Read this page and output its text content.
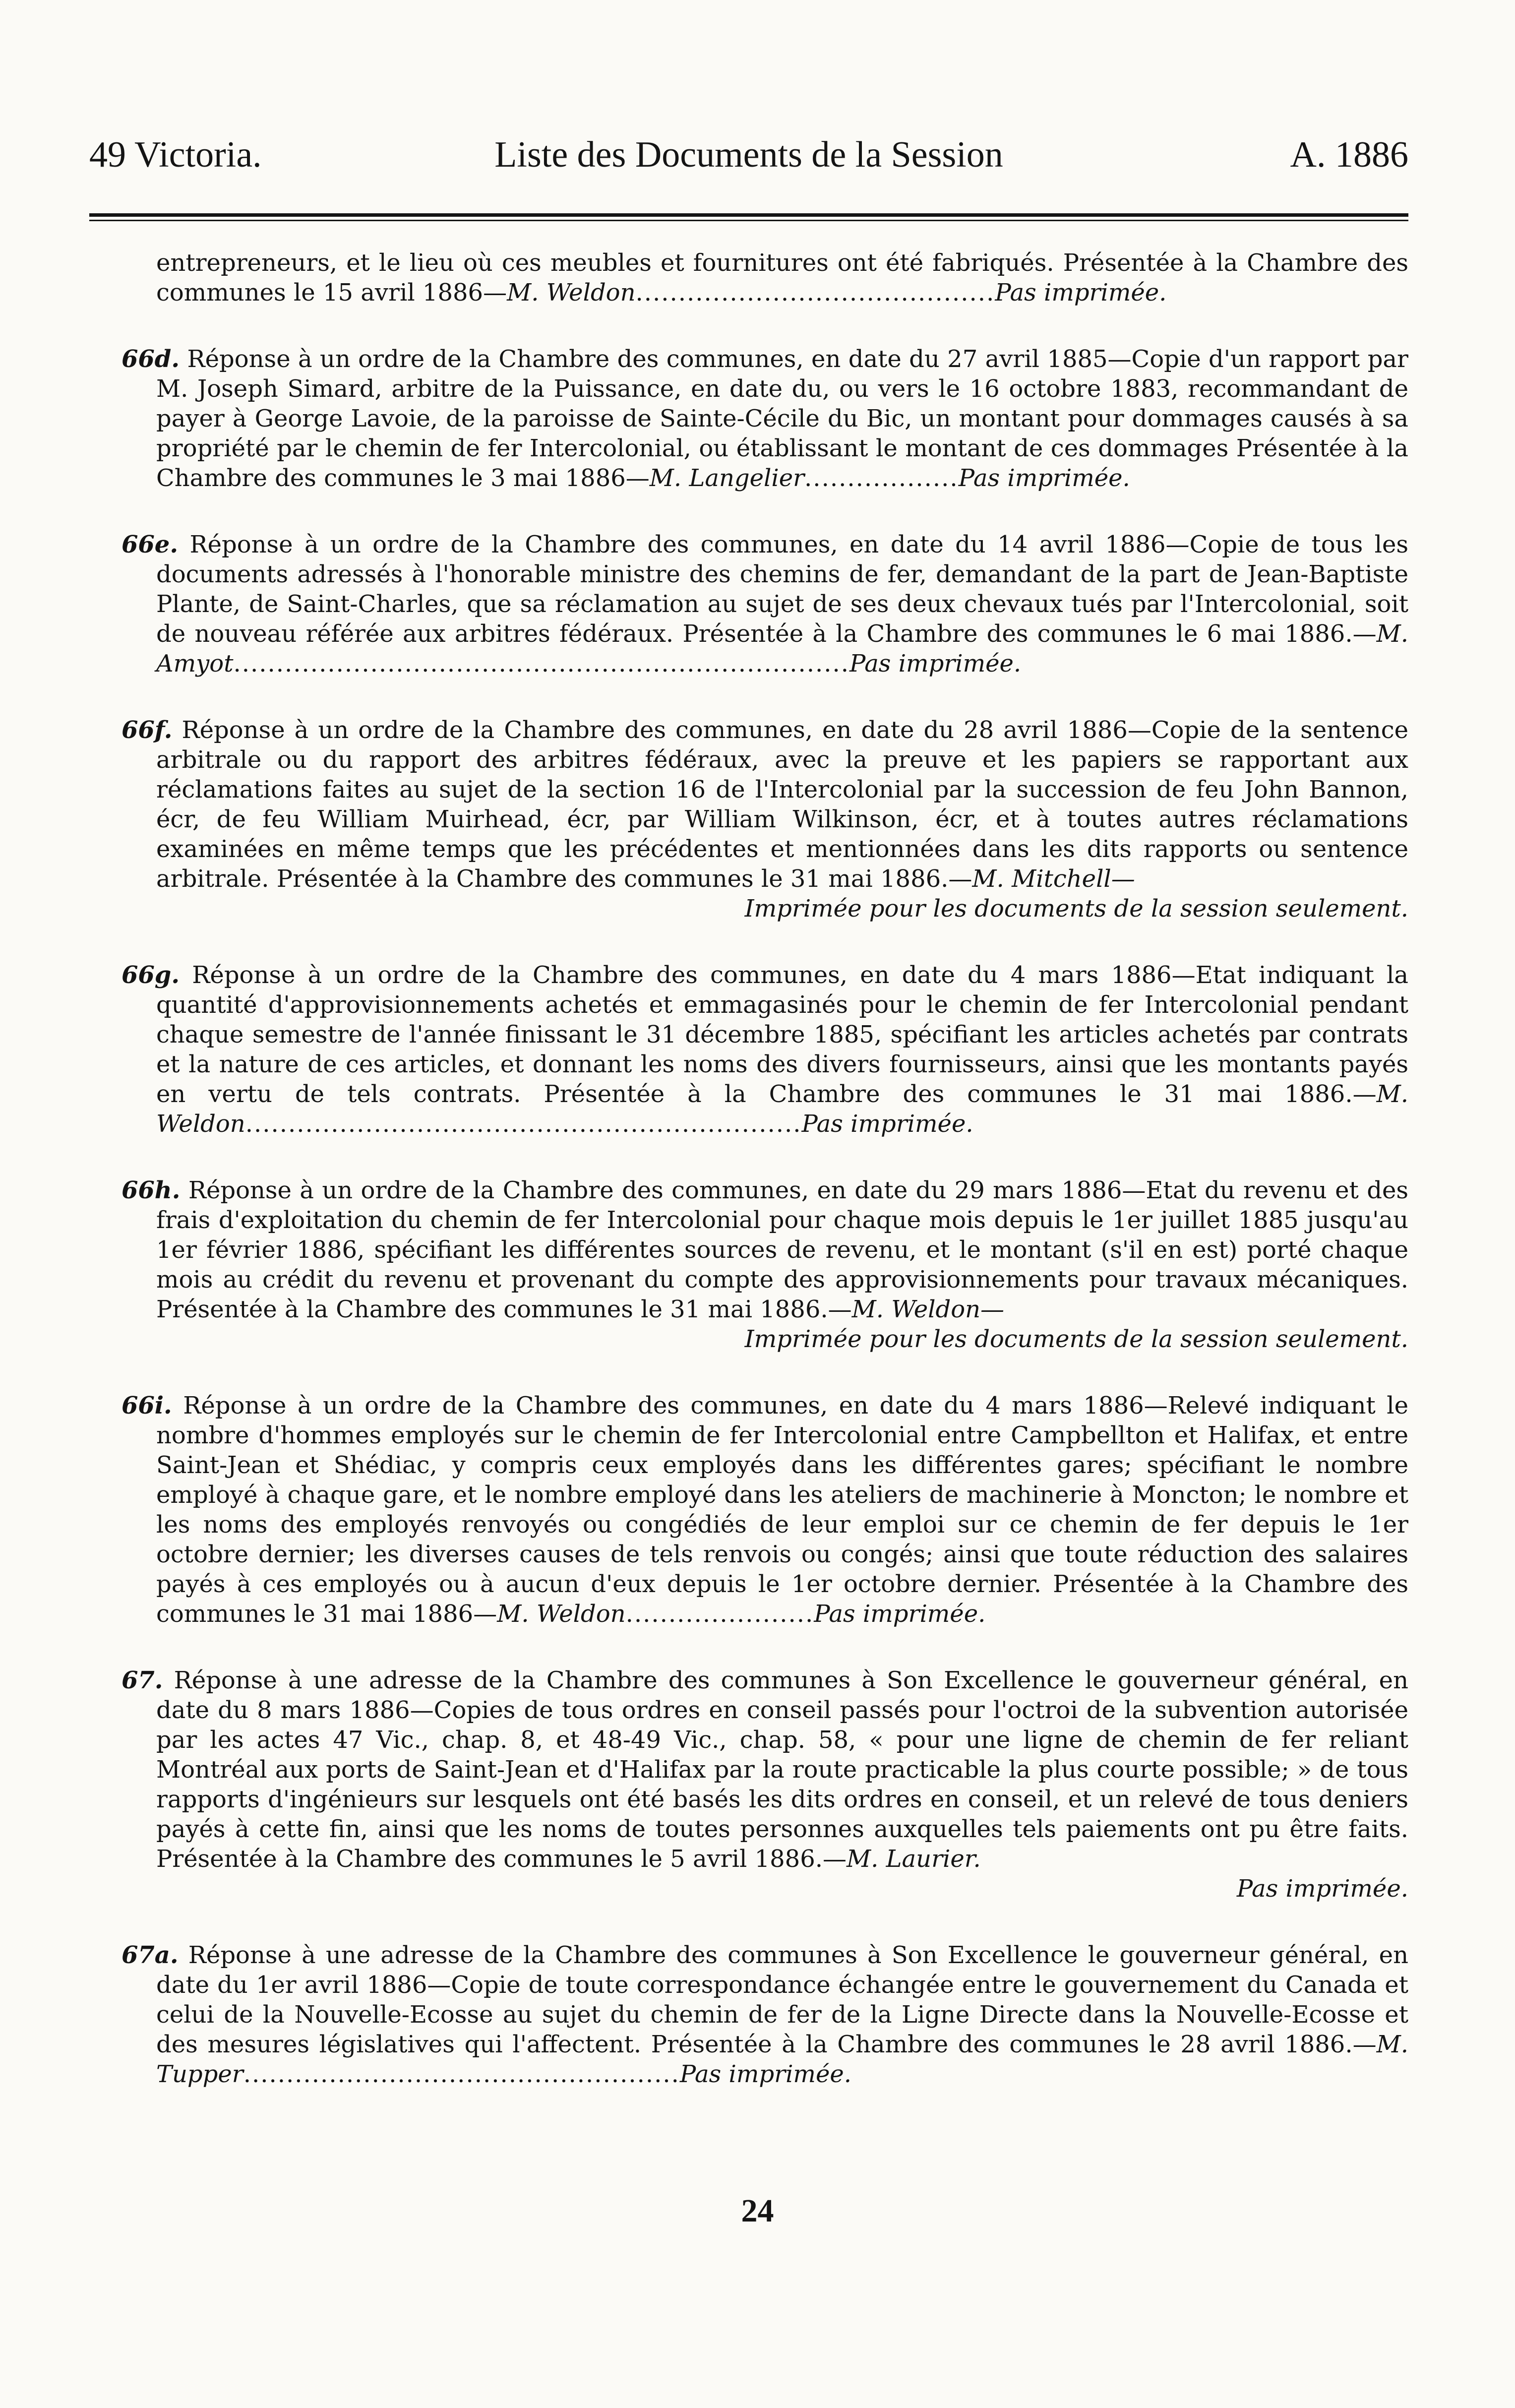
49 Victoria.	Liste des Documents de la Session	A. 1886
entrepreneurs, et le lieu où ces meubles et fournitures ont été fabriqués. Présentée à la Chambre des communes le 15 avril 1886—M. Weldon..........................................Pas imprimée.
66d. Réponse à un ordre de la Chambre des communes, en date du 27 avril 1885—Copie d'un rapport par M. Joseph Simard, arbitre de la Puissance, en date du, ou vers le 16 octobre 1883, recommandant de payer à George Lavoie, de la paroisse de Sainte-Cécile du Bic, un montant pour dommages causés à sa propriété par le chemin de fer Intercolonial, ou établissant le montant de ces dommages Présentée à la Chambre des communes le 3 mai 1886—M. Langelier..................Pas imprimée.
66e. Réponse à un ordre de la Chambre des communes, en date du 14 avril 1886—Copie de tous les documents adressés à l'honorable ministre des chemins de fer, demandant de la part de Jean-Baptiste Plante, de Saint-Charles, que sa réclamation au sujet de ses deux chevaux tués par l'Intercolonial, soit de nouveau référée aux arbitres fédéraux. Présentée à la Chambre des communes le 6 mai 1886.—M. Amyot........................................................................Pas imprimée.
66f. Réponse à un ordre de la Chambre des communes, en date du 28 avril 1886—Copie de la sentence arbitrale ou du rapport des arbitres fédéraux, avec la preuve et les papiers se rapportant aux réclamations faites au sujet de la section 16 de l'Intercolonial par la succession de feu John Bannon, écr, de feu William Muirhead, écr, par William Wilkinson, écr, et à toutes autres réclamations examinées en même temps que les précédentes et mentionnées dans les dits rapports ou sentence arbitrale. Présentée à la Chambre des communes le 31 mai 1886.—M. Mitchell—
Imprimée pour les documents de la session seulement.
66g. Réponse à un ordre de la Chambre des communes, en date du 4 mars 1886—Etat indiquant la quantité d'approvisionnements achetés et emmagasinés pour le chemin de fer Intercolonial pendant chaque semestre de l'année finissant le 31 décembre 1885, spécifiant les articles achetés par contrats et la nature de ces articles, et donnant les noms des divers fournisseurs, ainsi que les montants payés en vertu de tels contrats. Présentée à la Chambre des communes le 31 mai 1886.—M. Weldon.................................................................Pas imprimée.
66h. Réponse à un ordre de la Chambre des communes, en date du 29 mars 1886—Etat du revenu et des frais d'exploitation du chemin de fer Intercolonial pour chaque mois depuis le 1er juillet 1885 jusqu'au 1er février 1886, spécifiant les différentes sources de revenu, et le montant (s'il en est) porté chaque mois au crédit du revenu et provenant du compte des approvisionnements pour travaux mécaniques. Présentée à la Chambre des communes le 31 mai 1886.—M. Weldon—
Imprimée pour les documents de la session seulement.
66i. Réponse à un ordre de la Chambre des communes, en date du 4 mars 1886—Relevé indiquant le nombre d'hommes employés sur le chemin de fer Intercolonial entre Campbellton et Halifax, et entre Saint-Jean et Shédiac, y compris ceux employés dans les différentes gares; spécifiant le nombre employé à chaque gare, et le nombre employé dans les ateliers de machinerie à Moncton; le nombre et les noms des employés renvoyés ou congédiés de leur emploi sur ce chemin de fer depuis le 1er octobre dernier; les diverses causes de tels renvois ou congés; ainsi que toute réduction des salaires payés à ces employés ou à aucun d'eux depuis le 1er octobre dernier. Présentée à la Chambre des communes le 31 mai 1886—M. Weldon......................Pas imprimée.
67. Réponse à une adresse de la Chambre des communes à Son Excellence le gouverneur général, en date du 8 mars 1886—Copies de tous ordres en conseil passés pour l'octroi de la subvention autorisée par les actes 47 Vic., chap. 8, et 48-49 Vic., chap. 58, « pour une ligne de chemin de fer reliant Montréal aux ports de Saint-Jean et d'Halifax par la route practicable la plus courte possible; » de tous rapports d'ingénieurs sur lesquels ont été basés les dits ordres en conseil, et un relevé de tous deniers payés à cette fin, ainsi que les noms de toutes personnes auxquelles tels paiements ont pu être faits. Présentée à la Chambre des communes le 5 avril 1886.—M. Laurier.
Pas imprimée.
67a. Réponse à une adresse de la Chambre des communes à Son Excellence le gouverneur général, en date du 1er avril 1886—Copie de toute correspondance échangée entre le gouvernement du Canada et celui de la Nouvelle-Ecosse au sujet du chemin de fer de la Ligne Directe dans la Nouvelle-Ecosse et des mesures législatives qui l'affectent. Présentée à la Chambre des communes le 28 avril 1886.—M. Tupper...................................................Pas imprimée.
24
